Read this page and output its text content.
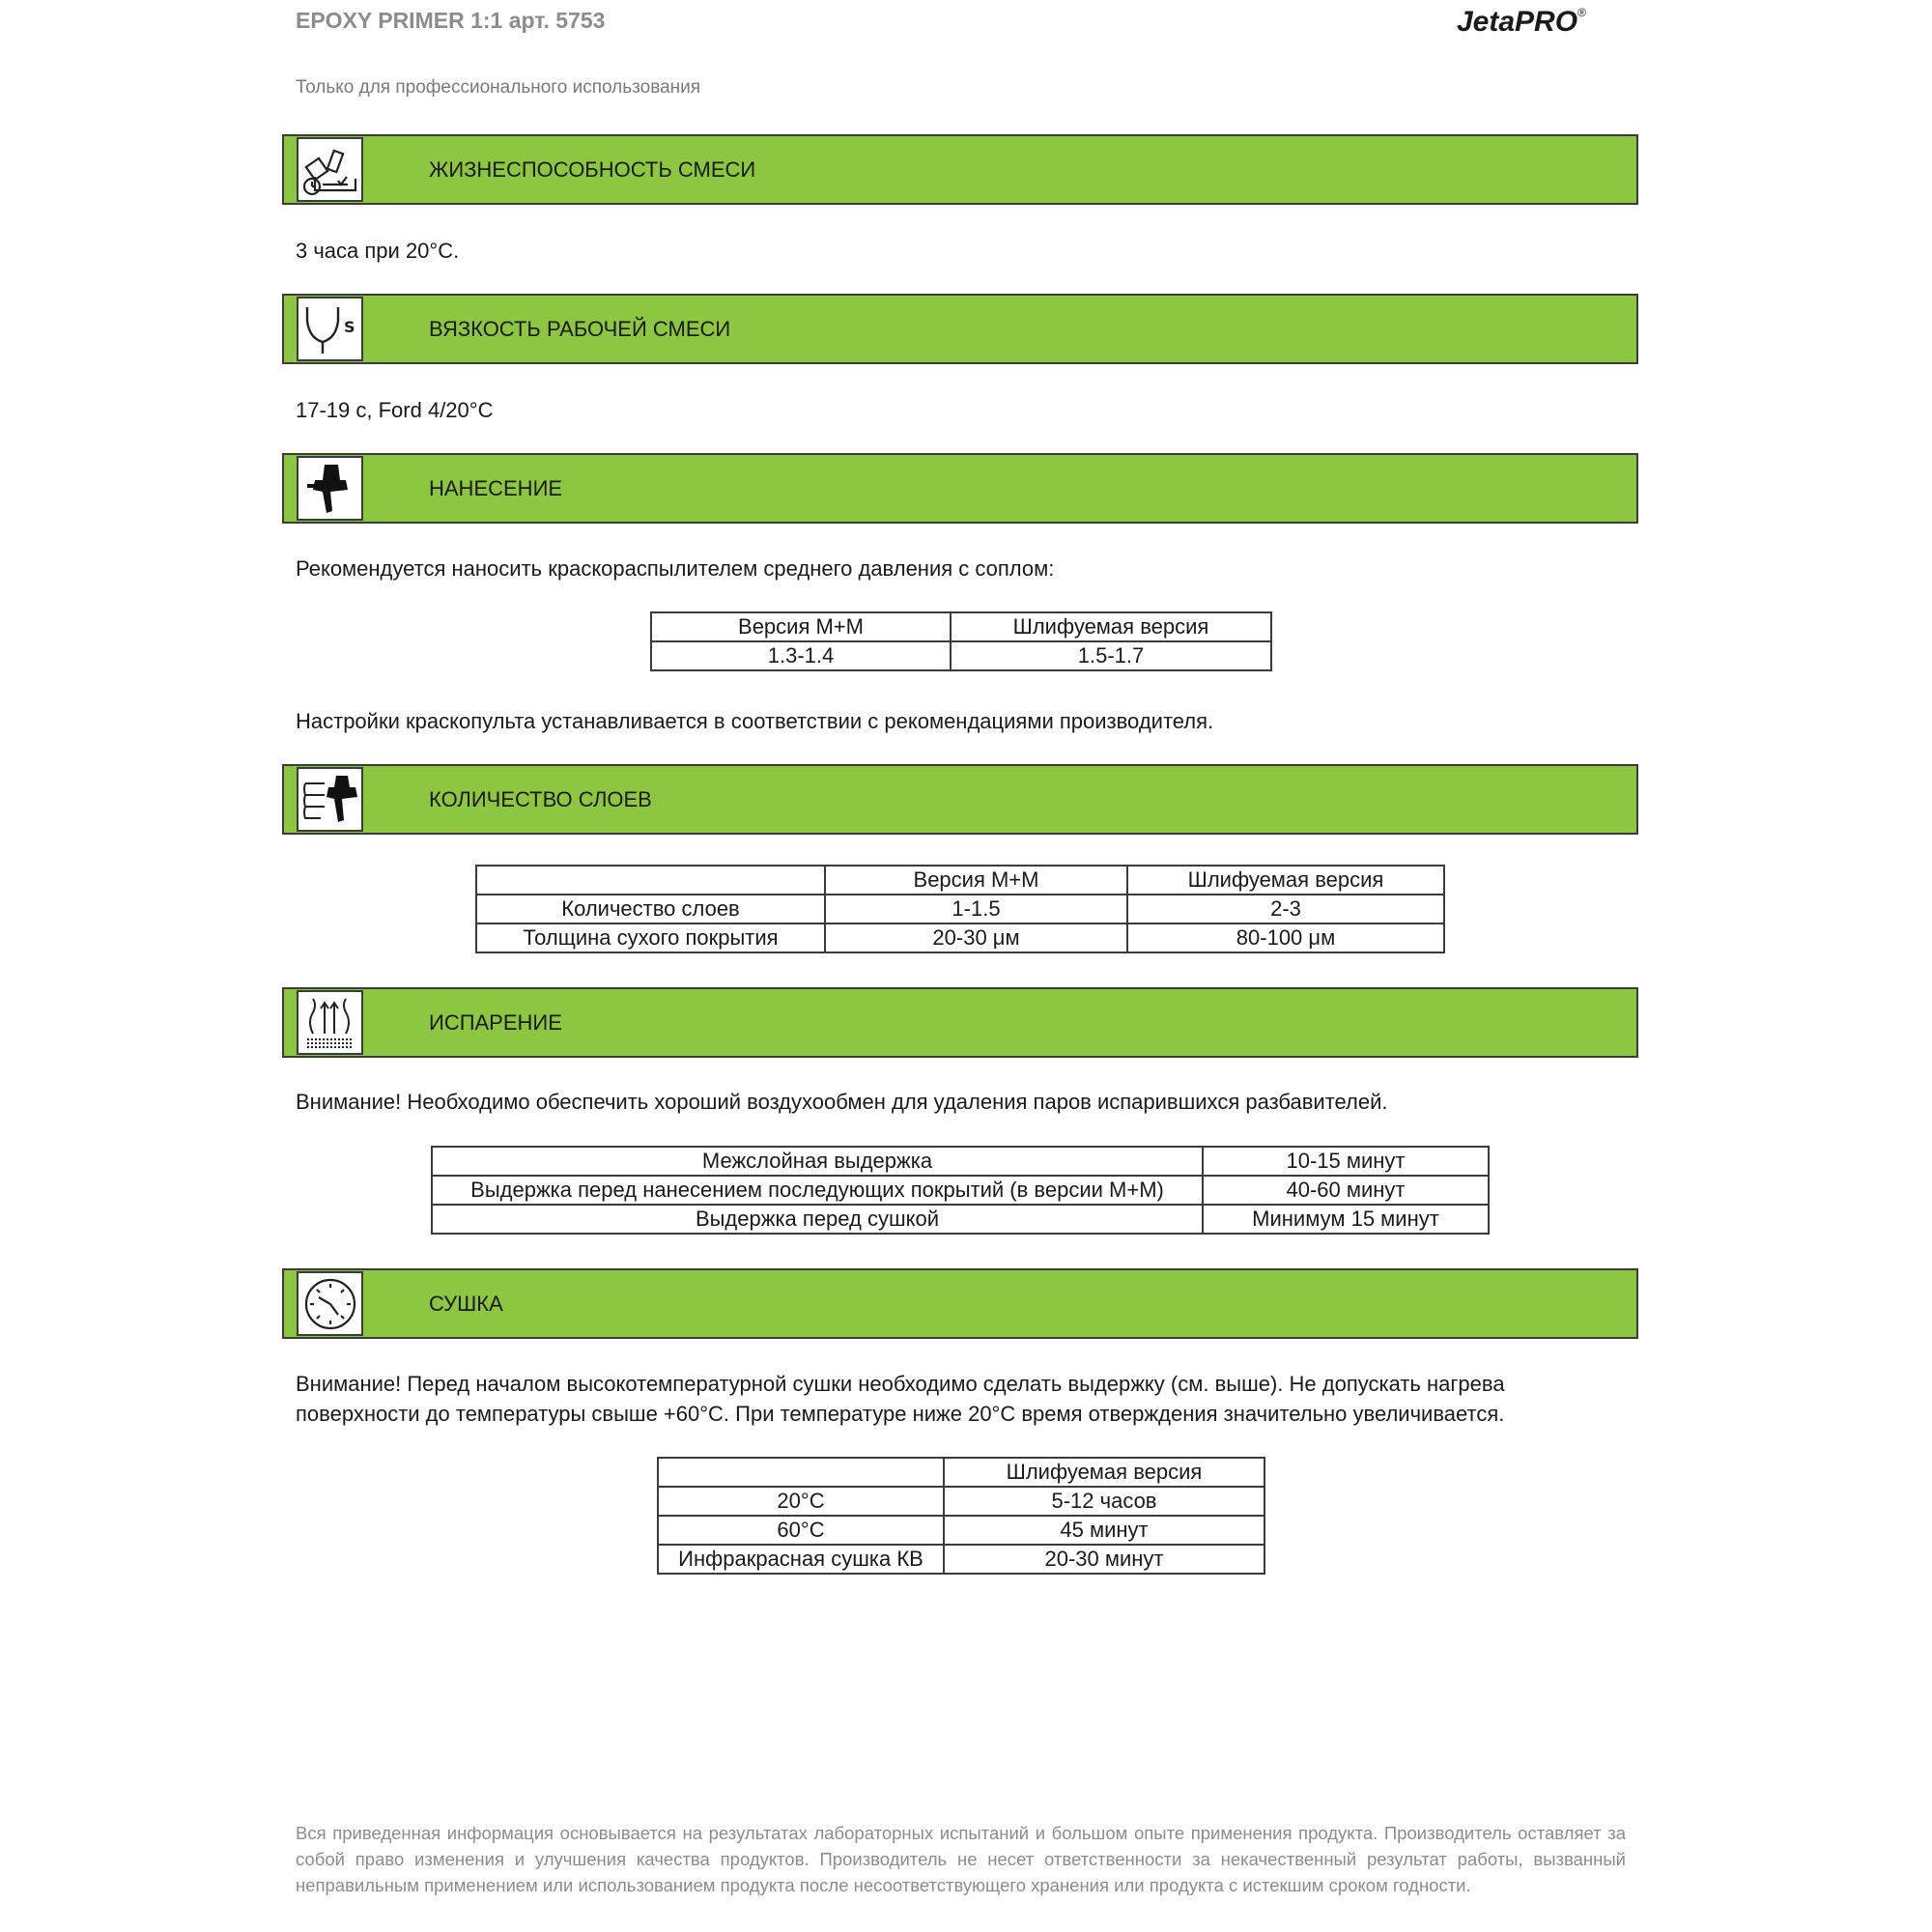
EPOXY PRIMER 1:1 арт. 5753	JetaPRO®
Только для профессионального использования
ЖИЗНЕСПОСОБНОСТЬ СМЕСИ
3 часа при 20°C.
S	ВЯЗКОСТЬ РАБОЧЕЙ СМЕСИ
17-19 с, Ford 4/20°C
НАНЕСЕНИЕ
Рекомендуется наносить краскораспылителем среднего давления с соплом:
Версия М+М	Шлифуемая версия
1.3-1.4	1.5-1.7
Настройки краскопульта устанавливается в соответствии с рекомендациями производителя.
КОЛИЧЕСТВО СЛОЕВ
	Версия М+М	Шлифуемая версия
Количество слоев	1-1.5	2-3
Толщина сухого покрытия	20-30 μм	80-100 μм
ИСПАРЕНИЕ
Внимание! Необходимо обеспечить хороший воздухообмен для удаления паров испарившихся разбавителей.
Межслойная выдержка	10-15 минут
Выдержка перед нанесением последующих покрытий (в версии М+М)	40-60 минут
Выдержка перед сушкой	Минимум 15 минут
СУШКА
Внимание! Перед началом высокотемпературной сушки необходимо сделать выдержку (см. выше). Не допускать нагрева
поверхности до температуры свыше +60°C. При температуре ниже 20°C время отверждения значительно увеличивается.
	Шлифуемая версия
20°C	5-12 часов
60°C	45 минут
Инфракрасная сушка КВ	20-30 минут
Вся приведенная информация основывается на результатах лабораторных испытаний и большом опыте применения продукта. Производитель оставляет за собой право изменения и улучшения качества продуктов. Производитель не несет ответственности за некачественный результат работы, вызванный неправильным применением или использованием продукта после несоответствующего хранения или продукта с истекшим сроком годности.
